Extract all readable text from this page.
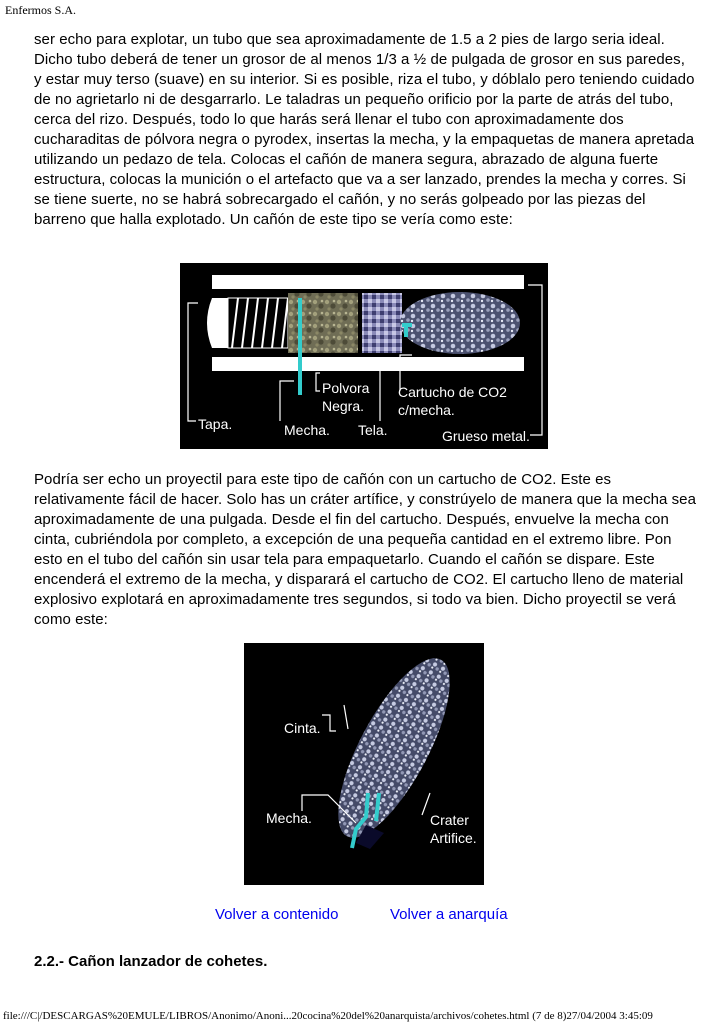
Enfermos S.A.
ser echo para explotar, un tubo que sea aproximadamente de 1.5 a 2 pies de largo seria ideal. Dicho tubo deberá de tener un grosor de al menos 1/3 a ½ de pulgada de grosor en sus paredes, y estar muy terso (suave) en su interior. Si es posible, riza el tubo, y dóblalo pero teniendo cuidado de no agrietarlo ni de desgarrarlo. Le taladras un pequeño orificio por la parte de atrás del tubo, cerca del rizo. Después, todo lo que harás será llenar el tubo con aproximadamente dos cucharaditas de pólvora negra o pyrodex, insertas la mecha, y la empaquetas de manera apretada utilizando un pedazo de tela. Colocas el cañón de manera segura, abrazado de alguna fuerte estructura, colocas la munición o el artefacto que va a ser lanzado, prendes la mecha y corres. Si se tiene suerte, no se habrá sobrecargado el cañón, y no serás golpeado por las piezas del barreno que halla explotado. Un cañón de este tipo se vería como este:
Tapa.	Mecha.
Polvora
Negra.
Tela.
Cartucho de CO2
c/mecha.
Grueso metal.
Podría ser echo un proyectil para este tipo de cañón con un cartucho de CO2. Este es relativamente fácil de hacer. Solo has un cráter artífice, y constrúyelo de manera que la mecha sea aproximadamente de una pulgada. Desde el fin del cartucho. Después, envuelve la mecha con cinta, cubriéndola por completo, a excepción de una pequeña cantidad en el extremo libre. Pon esto en el tubo del cañón sin usar tela para empaquetarlo. Cuando el cañón se dispare. Este encenderá el extremo de la mecha, y disparará el cartucho de CO2. El cartucho lleno de material explosivo explotará en aproximadamente tres segundos, si todo va bien. Dicho proyectil se verá como este:
Cinta.
Mecha.	Crater
Artifice.
Volver a contenido	Volver a anarquía
2.2.- Cañon lanzador de cohetes.
file:///C|/DESCARGAS%20EMULE/LIBROS/Anonimo/Anoni...20cocina%20del%20anarquista/archivos/cohetes.html (7 de 8)27/04/2004 3:45:09
